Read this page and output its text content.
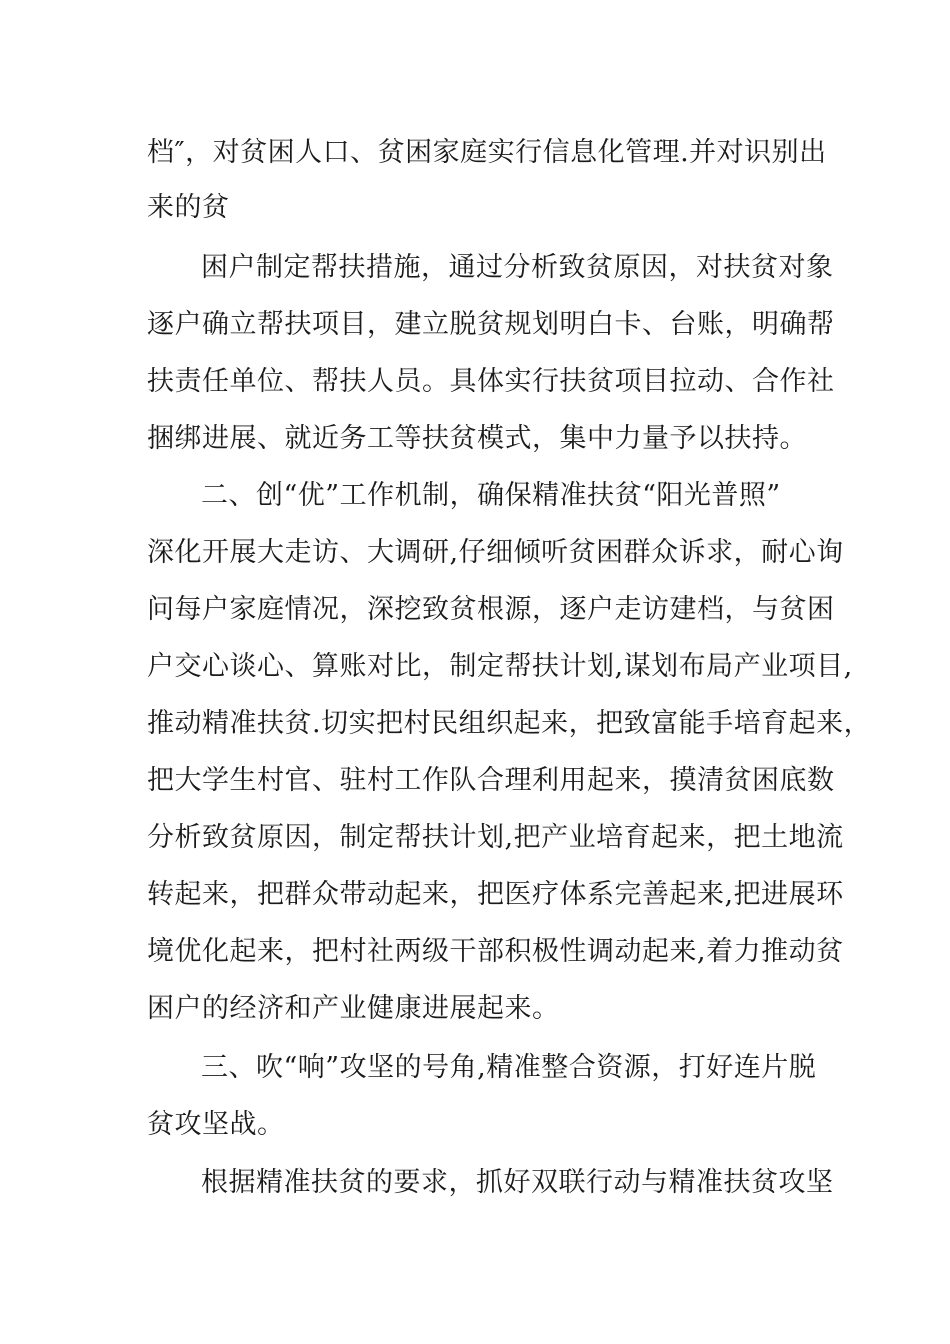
档″，对贫困人口、贫困家庭实行信息化管理.并对识别出
来的贫
困户制定帮扶措施，通过分析致贫原因，对扶贫对象
逐户确立帮扶项目，建立脱贫规划明白卡、台账，明确帮
扶责任单位、帮扶人员。具体实行扶贫项目拉动、合作社
捆绑进展、就近务工等扶贫模式，集中力量予以扶持。
二、创“优”工作机制，确保精准扶贫“阳光普照”
深化开展大走访、大调研,仔细倾听贫困群众诉求，耐心询
问每户家庭情况，深挖致贫根源，逐户走访建档，与贫困
户交心谈心、算账对比，制定帮扶计划,谋划布局产业项目,
推动精准扶贫.切实把村民组织起来，把致富能手培育起来，
把大学生村官、驻村工作队合理利用起来，摸清贫困底数
分析致贫原因，制定帮扶计划,把产业培育起来，把土地流
转起来，把群众带动起来，把医疗体系完善起来,把进展环
境优化起来，把村社两级干部积极性调动起来,着力推动贫
困户的经济和产业健康进展起来。
三、吹“响”攻坚的号角,精准整合资源，打好连片脱
贫攻坚战。
根据精准扶贫的要求，抓好双联行动与精准扶贫攻坚
